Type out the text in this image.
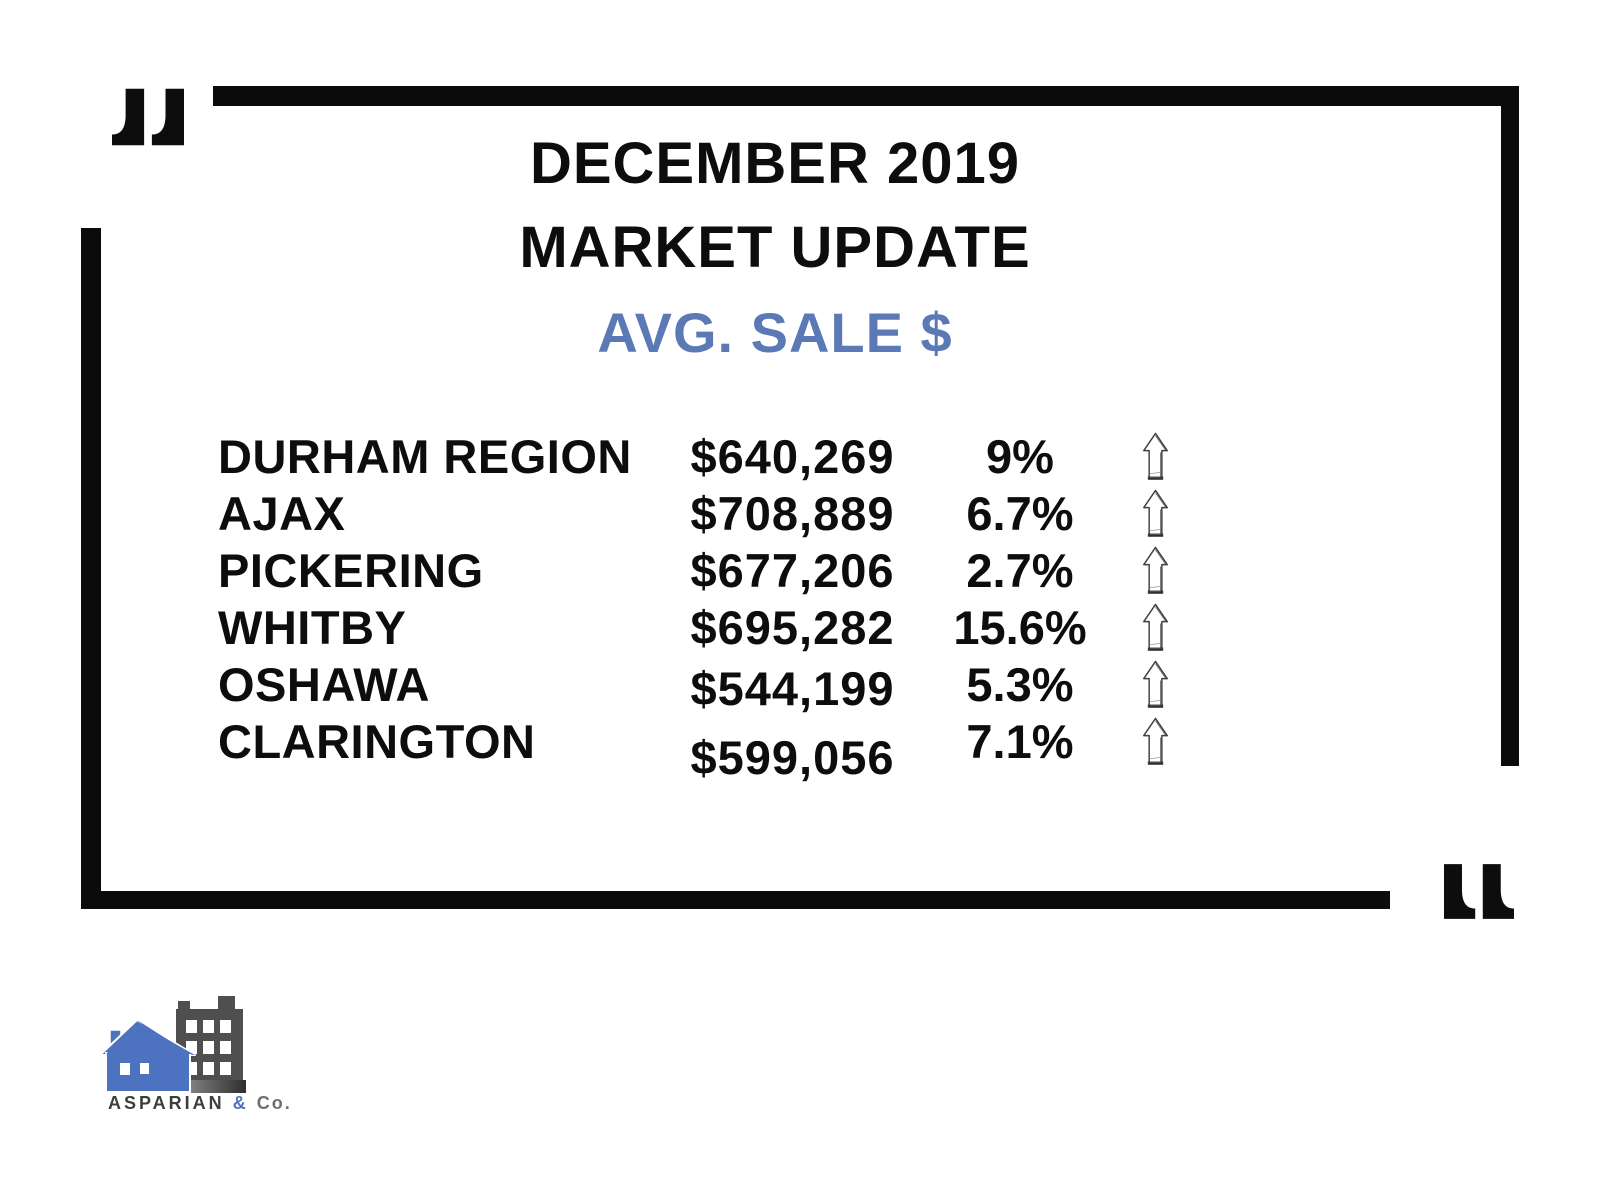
DECEMBER 2019
MARKET UPDATE
AVG. SALE $
DURHAM REGION	$640,269	9%
AJAX	$708,889	6.7%
PICKERING	$677,206	2.7%
WHITBY	$695,282	15.6%
OSHAWA	$544,199	5.3%
CLARINGTON	$599,056	7.1%
ASPARIAN & Co.
